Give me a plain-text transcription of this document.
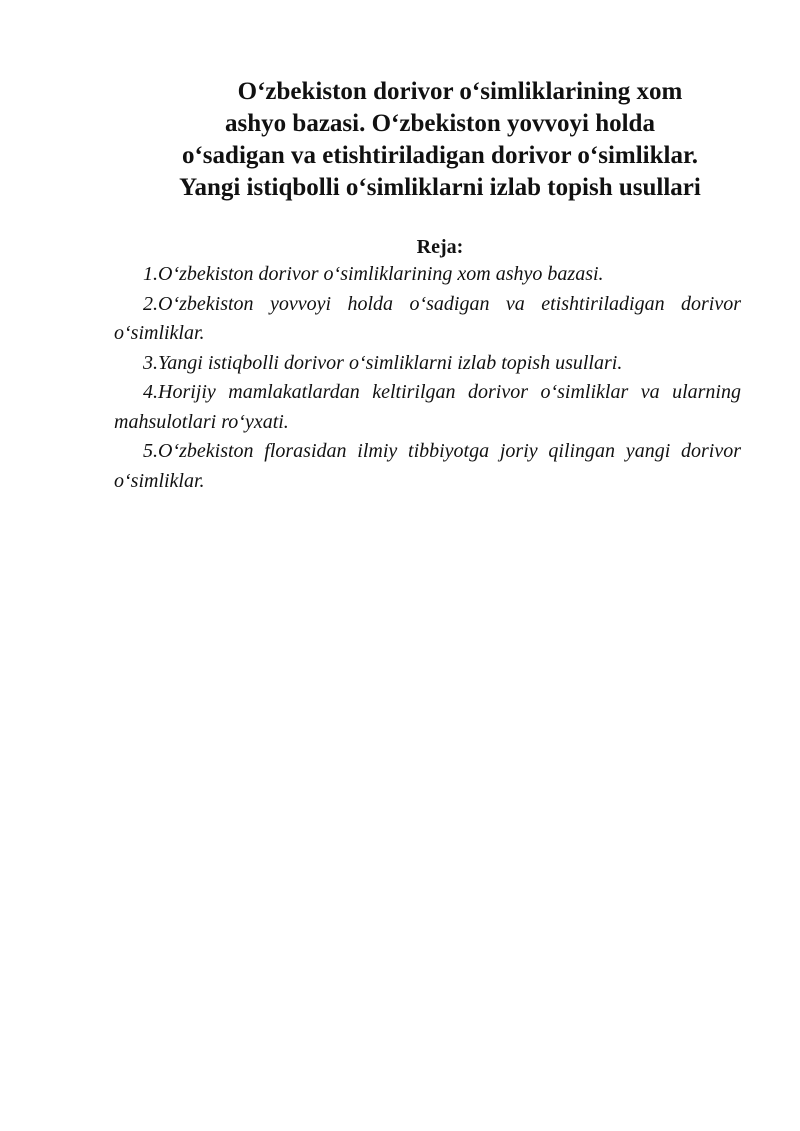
O‘zbekiston dorivor o‘simliklarining xom
ashyo bazasi. O‘zbekiston yovvoyi holda
o‘sadigan va etishtiriladigan dorivor o‘simliklar.
Yangi istiqbolli o‘simliklarni izlab topish usullari
Reja:
1.O‘zbekiston dorivor o‘simliklarining xom ashyo bazasi.
2.O‘zbekiston yovvoyi holda o‘sadigan va etishtiriladigan dorivor o‘simliklar.
3.Yangi istiqbolli dorivor o‘simliklarni izlab topish usullari.
4.Horijiy mamlakatlardan keltirilgan dorivor o‘simliklar va ularning mahsulotlari ro‘yxati.
5.O‘zbekiston florasidan ilmiy tibbiyotga joriy qilingan yangi dorivor o‘simliklar.
